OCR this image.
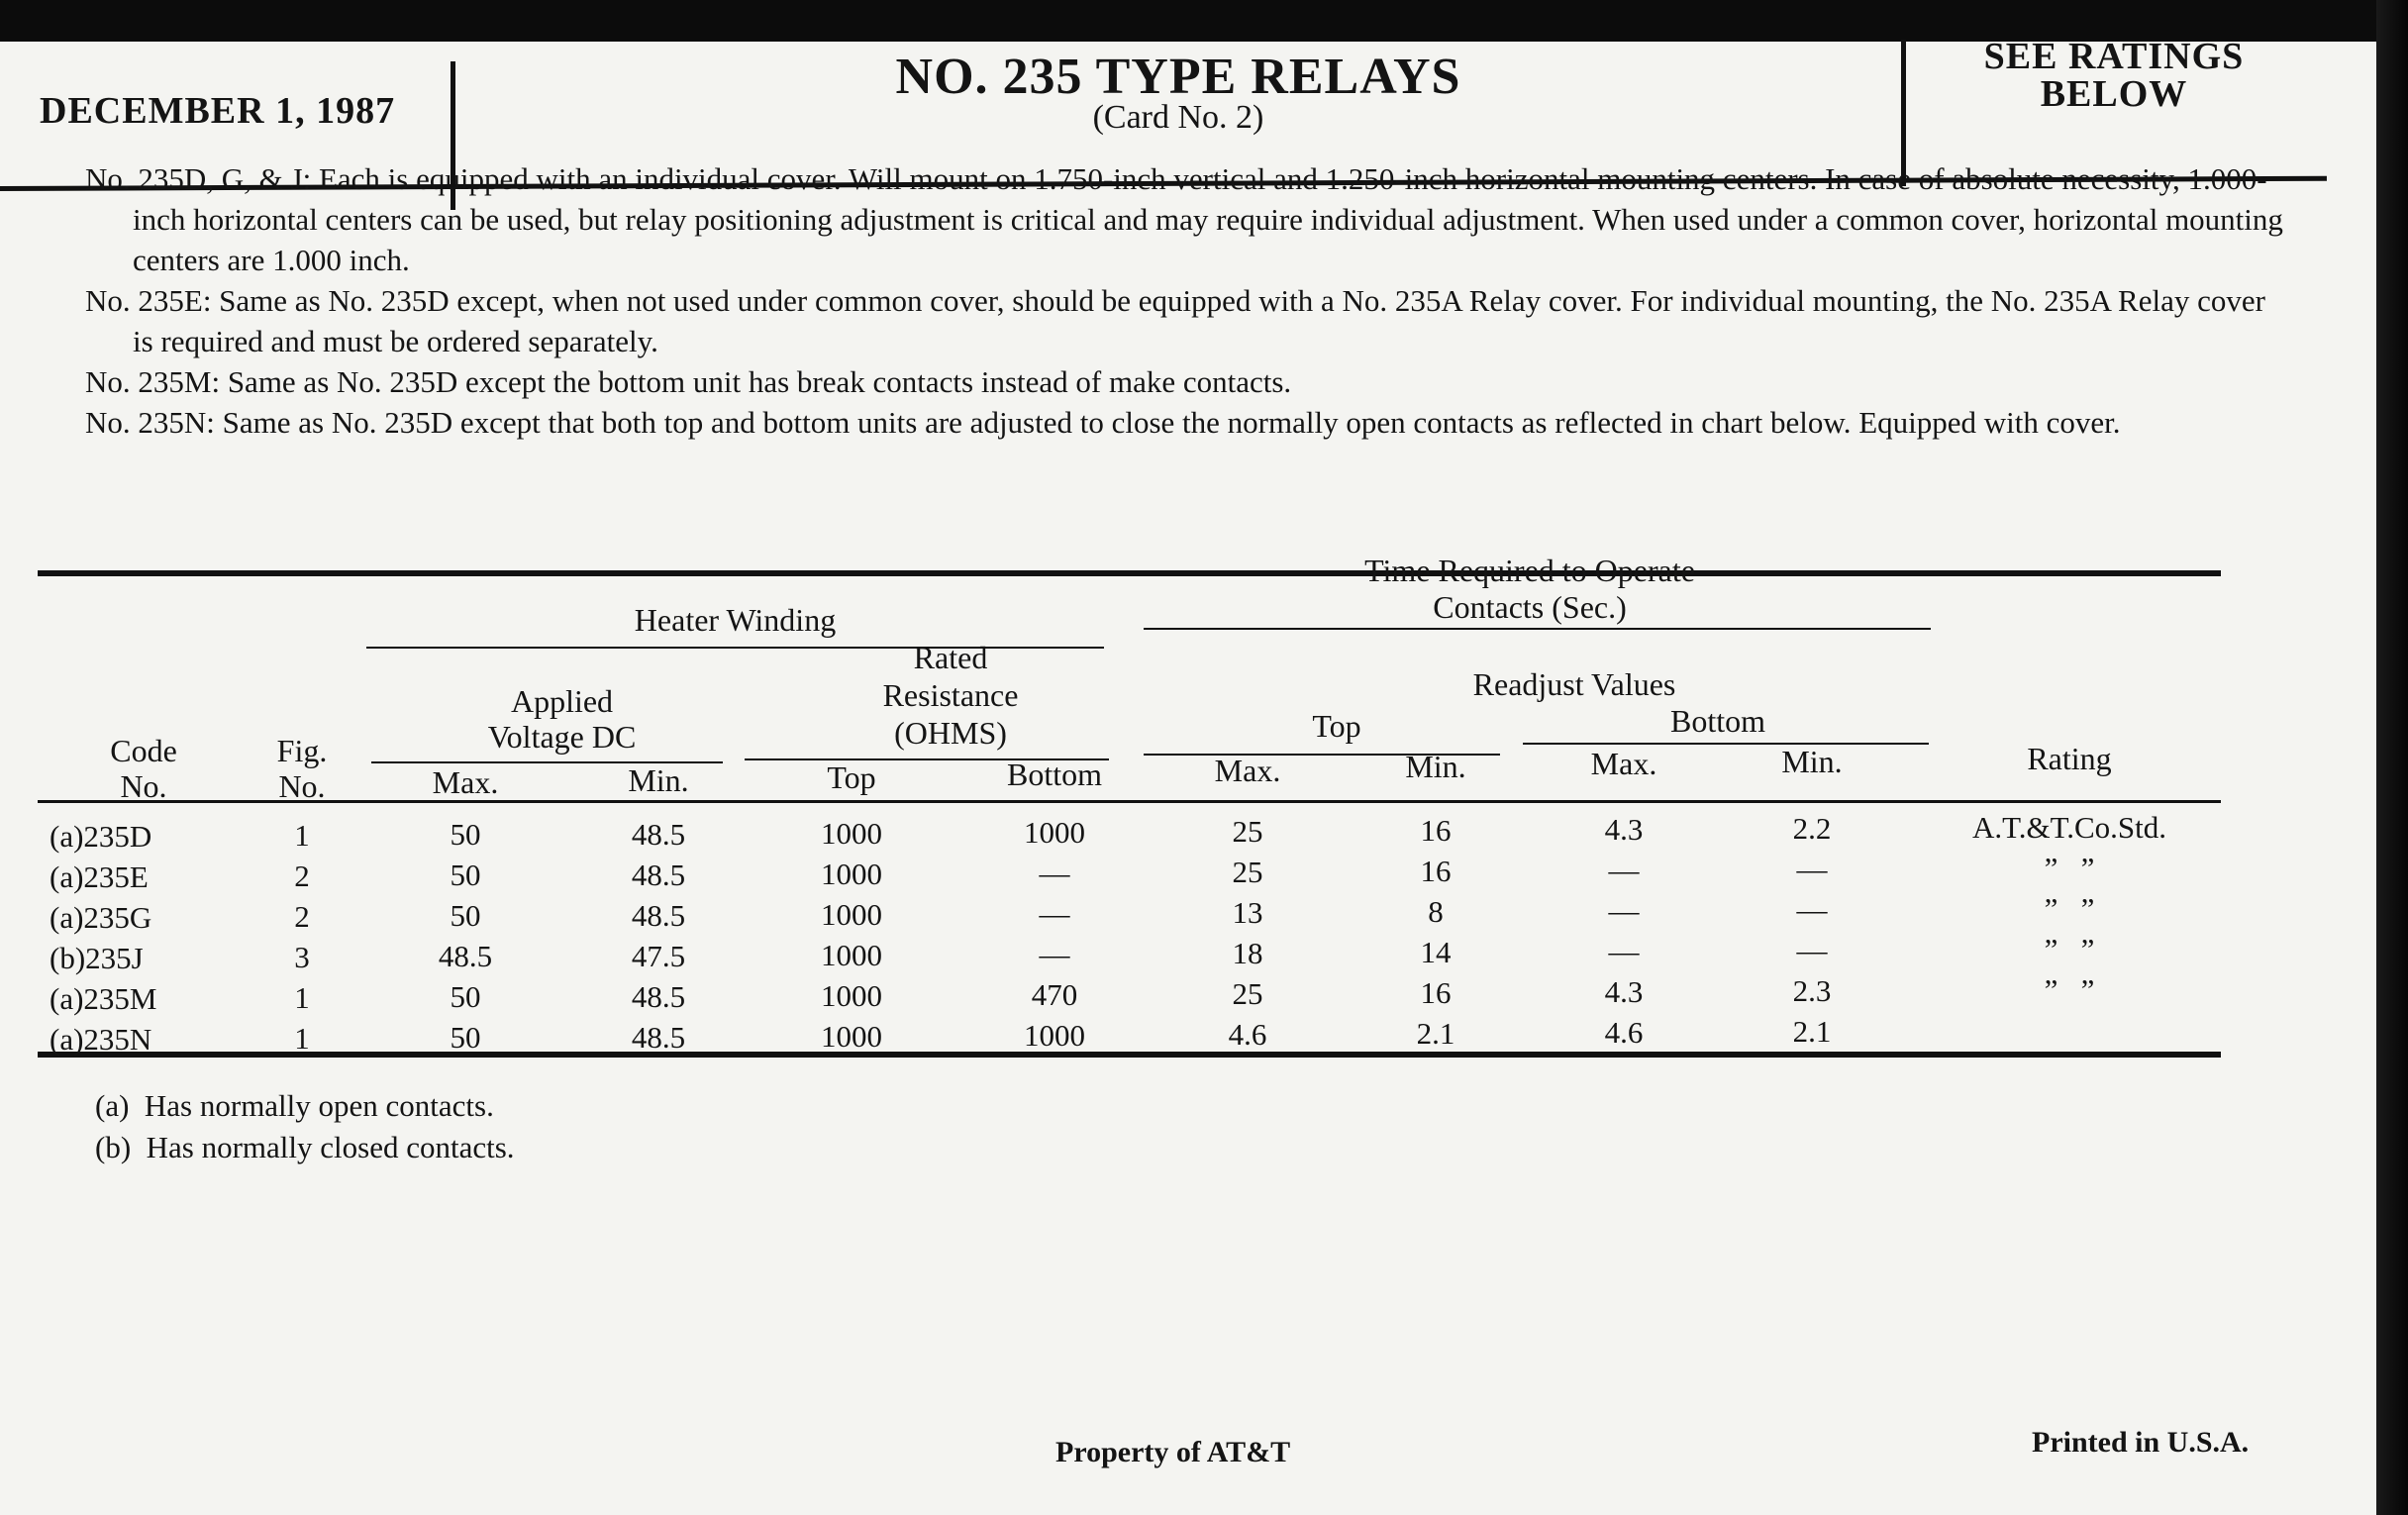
DECEMBER 1, 1987
NO. 235 TYPE RELAYS
(Card No. 2)
SEE RATINGS
BELOW

No. 235D, G, & J: Each is equipped with an individual cover. Will mount on 1.750-inch vertical and 1.250-inch horizontal mounting centers. In case of absolute necessity, 1.000-inch horizontal centers can be used, but relay positioning adjustment is critical and may require individual adjustment. When used under a common cover, horizontal mounting centers are 1.000 inch.

No. 235E: Same as No. 235D except, when not used under common cover, should be equipped with a No. 235A Relay cover. For individual mounting, the No. 235A Relay cover is required and must be ordered separately.

No. 235M: Same as No. 235D except the bottom unit has break contacts instead of make contacts.

No. 235N: Same as No. 235D except that both top and bottom units are adjusted to close the normally open contacts as reflected in chart below. Equipped with cover.

Heater Winding
Time Required to Operate
Contacts (Sec.)
Rated
Resistance
(OHMS)
Applied
Voltage DC
Readjust Values
Top	Bottom
Code
No.
Fig.
No.	Max.	Min.	Top	Bottom	Max.	Min.	Max.	Min.	Rating
(a)235D	1	50	48.5	1000	1000	25	16	4.3	2.2	A.T.&T.Co.Std.
(a)235E	2	50	48.5	1000	—	25	16	—	—	”   ”
(a)235G	2	50	48.5	1000	—	13	8	—	—	”   ”
(b)235J	3	48.5	47.5	1000	—	18	14	—	—	”   ”
(a)235M	1	50	48.5	1000	470	25	16	4.3	2.3	”   ”
(a)235N	1	50	48.5	1000	1000	4.6	2.1	4.6	2.1
(a)  Has normally open contacts.
(b)  Has normally closed contacts.
Property of AT&T	Printed in U.S.A.
